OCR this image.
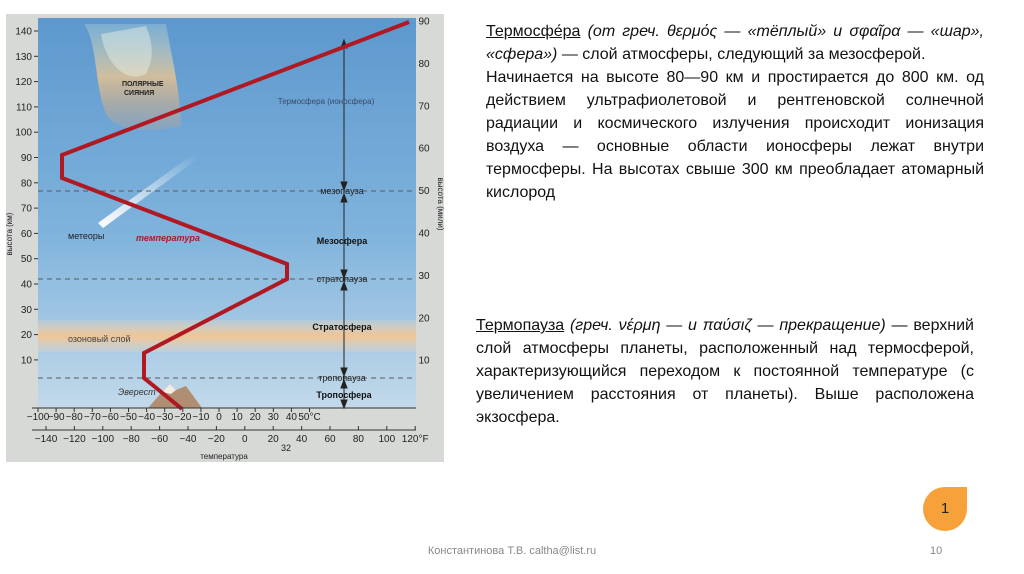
140
130
120
110
100
90
80
70
60
50
40
30
20
10
90
80
70
60
50
40
30
20
10
−100
−90 −80 −70 −60 −50 −40 −30 −20 −10 0 10 20 30 40 50°C
−140 −120 −100 −80 −60 −40 −20 0 20 40 60 80 100 120°F
высота (км)
высота (мили)
температура
32
Термосфера (ионосфера)
мезопауза
Мезосфера
стратопауза
Стратосфера
тропопауза
Тропосфера
ПОЛЯРНЫЕ
СИЯНИЯ
метеоры	температура
озоновый слой
Эверест

Термосфе́ра (от греч. θερμός — «тёплый» и σφαῖρα — «шар», «сфера») — слой атмосферы, следующий за мезосферой.

Начинается на высоте 80—90 км и простирается до 800 км. од действием ультрафиолетовой и рентгеновской солнечной радиации и космического излучения происходит ионизация воздуха — основные области ионосферы лежат внутри термосферы. На высотах свыше 300 км преобладает атомарный кислород

Термопауза (греч. νέρμη — и παύσιζ — прекращение) — верхний слой атмосферы планеты, расположенный над термосферой, характеризующийся переходом к постоянной температуре (с увеличением расстояния от планеты). Выше расположена экзосфера.

1
Константинова Т.В. caltha@list.ru	10
